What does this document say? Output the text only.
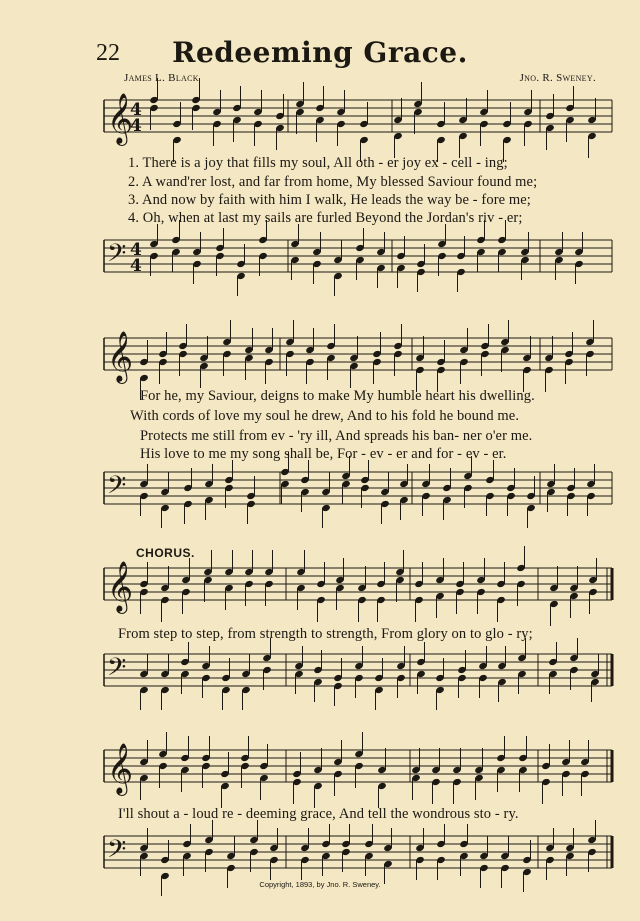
𝄞
4
4
𝄢 4
4
𝄞
𝄢
𝄞
𝄢
𝄞
𝄢
22	Redeeming Grace.
James L. Black	Jno. R. Sweney.
1. There is a joy that fills my soul, All oth - er joy ex - cell - ing;
2. A wand'rer lost, and far from home, My blessed Saviour found me;
3. And now by faith with him I walk, He leads the way be - fore me;
4. Oh, when at last my sails are furled Beyond the Jordan's riv - er;
For he, my Saviour, deigns to make My humble heart his dwelling.
With cords of love my soul he drew, And to his fold he bound me.
Protects me still from ev - 'ry ill, And spreads his ban- ner o'er me.
His love to me my song shall be, For - ev - er and for - ev - er.
CHORUS.
From step to step, from strength to strength, From glory on to glo - ry;
I'll shout a - loud re - deeming grace, And tell the wondrous sto - ry.
Copyright, 1893, by Jno. R. Sweney.
